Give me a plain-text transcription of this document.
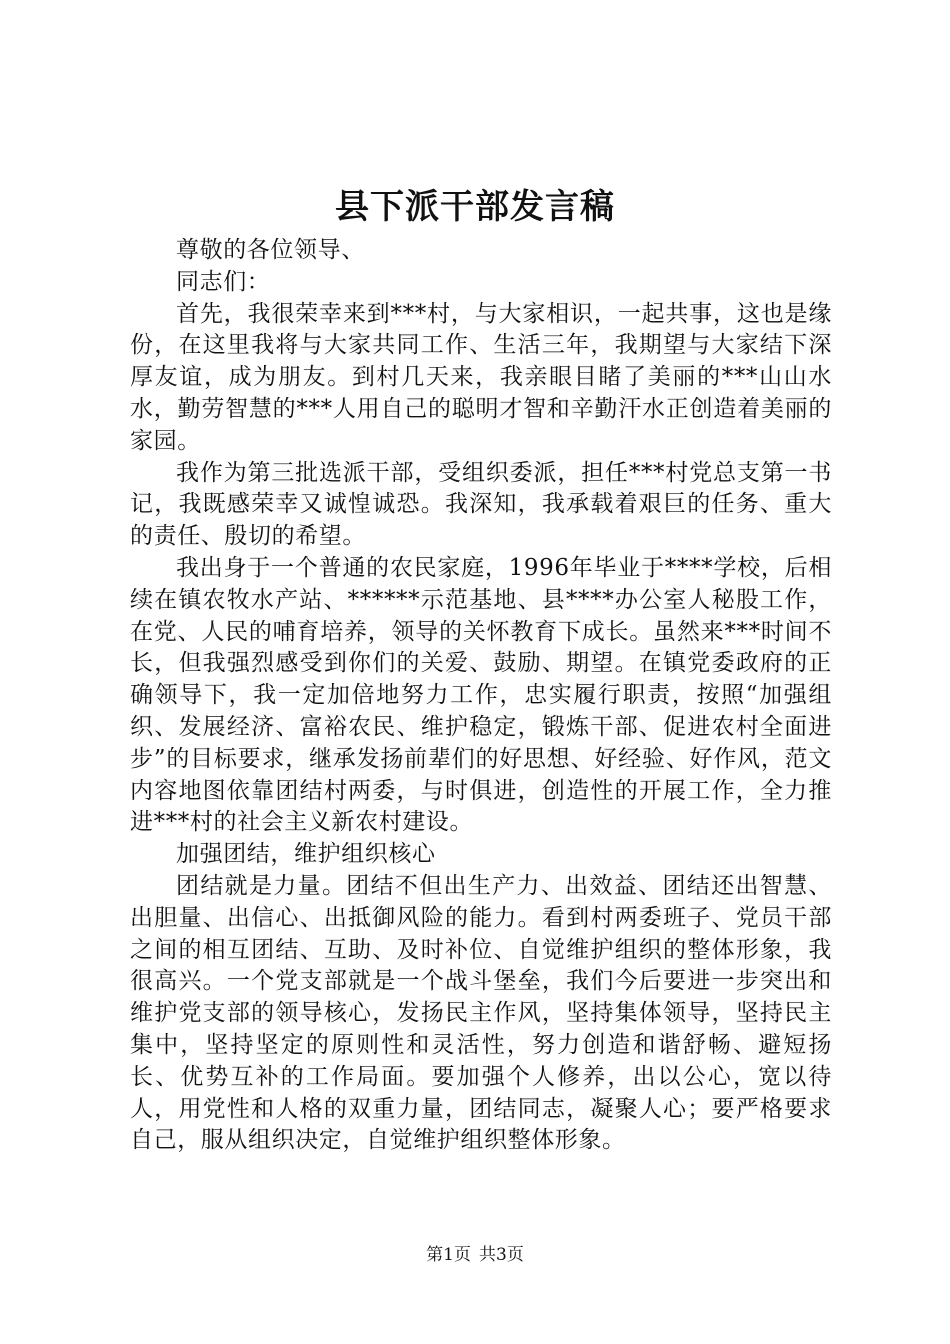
县下派干部发言稿

尊敬的各位领导、

同志们：

首先，我很荣幸来到***村，与大家相识，一起共事，这也是缘份，在这里我将与大家共同工作、生活三年，我期望与大家结下深厚友谊，成为朋友。到村几天来，我亲眼目睹了美丽的***山山水水，勤劳智慧的***人用自己的聪明才智和辛勤汗水正创造着美丽的家园。

我作为第三批选派干部，受组织委派，担任***村党总支第一书记，我既感荣幸又诚惶诚恐。我深知，我承载着艰巨的任务、重大的责任、殷切的希望。

我出身于一个普通的农民家庭，1996年毕业于****学校，后相续在镇农牧水产站、******示范基地、县****办公室人秘股工作，在党、人民的哺育培养，领导的关怀教育下成长。虽然来***时间不长，但我强烈感受到你们的关爱、鼓励、期望。在镇党委政府的正确领导下，我一定加倍地努力工作，忠实履行职责，按照“加强组织、发展经济、富裕农民、维护稳定，锻炼干部、促进农村全面进步”的目标要求，继承发扬前辈们的好思想、好经验、好作风，范文内容地图依靠团结村两委，与时俱进，创造性的开展工作，全力推进***村的社会主义新农村建设。

加强团结，维护组织核心

团结就是力量。团结不但出生产力、出效益、团结还出智慧、出胆量、出信心、出抵御风险的能力。看到村两委班子、党员干部之间的相互团结、互助、及时补位、自觉维护组织的整体形象，我很高兴。一个党支部就是一个战斗堡垒，我们今后要进一步突出和维护党支部的领导核心，发扬民主作风，坚持集体领导，坚持民主集中，坚持坚定的原则性和灵活性，努力创造和谐舒畅、避短扬长、优势互补的工作局面。要加强个人修养，出以公心，宽以待人，用党性和人格的双重力量，团结同志，凝聚人心；要严格要求自己，服从组织决定，自觉维护组织整体形象。

第1页 共3页
